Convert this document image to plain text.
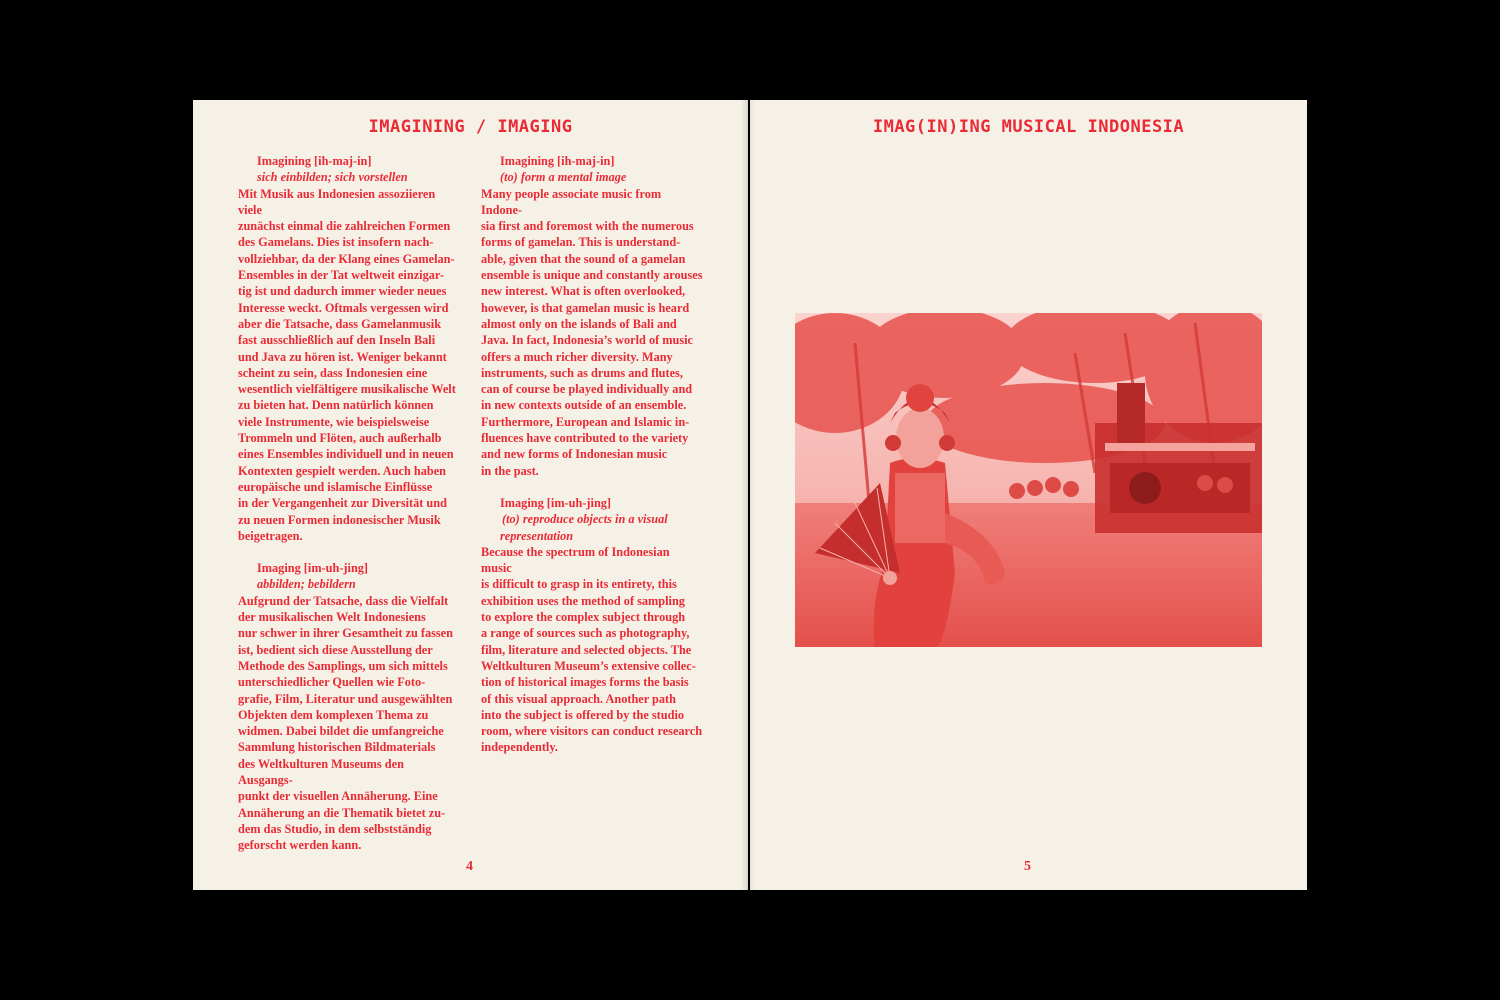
IMAGINING / IMAGING
Imagining [ih-maj-in]
sich einbilden; sich vorstellen
Mit Musik aus Indonesien assoziieren viele
zunächst einmal die zahlreichen Formen
des Gamelans. Dies ist insofern nach-
vollziehbar, da der Klang eines Gamelan-
Ensembles in der Tat weltweit einzigar-
tig ist und dadurch immer wieder neues
Interesse weckt. Oftmals vergessen wird
aber die Tatsache, dass Gamelanmusik
fast ausschließlich auf den Inseln Bali
und Java zu hören ist. Weniger bekannt
scheint zu sein, dass Indonesien eine
wesentlich vielfältigere musikalische Welt
zu bieten hat. Denn natürlich können
viele Instrumente, wie beispielsweise
Trommeln und Flöten, auch außerhalb
eines Ensembles individuell und in neuen
Kontexten gespielt werden. Auch haben
europäische und islamische Einflüsse
in der Vergangenheit zur Diversität und
zu neuen Formen indonesischer Musik
beigetragen.
Imaging [im-uh-jing]
abbilden; bebildern
Aufgrund der Tatsache, dass die Vielfalt
der musikalischen Welt Indonesiens
nur schwer in ihrer Gesamtheit zu fassen
ist, bedient sich diese Ausstellung der
Methode des Samplings, um sich mittels
unterschiedlicher Quellen wie Foto-
grafie, Film, Literatur und ausgewählten
Objekten dem komplexen Thema zu
widmen. Dabei bildet die umfangreiche
Sammlung historischen Bildmaterials
des Weltkulturen Museums den Ausgangs-
punkt der visuellen Annäherung. Eine
Annäherung an die Thematik bietet zu-
dem das Studio, in dem selbstständig
geforscht werden kann.
Imagining [ih-maj-in]
(to) form a mental image
Many people associate music from Indone-
sia first and foremost with the numerous
forms of gamelan. This is understand-
able, given that the sound of a gamelan
ensemble is unique and constantly arouses
new interest. What is often overlooked,
however, is that gamelan music is heard
almost only on the islands of Bali and
Java. In fact, Indonesia’s world of music
offers a much richer diversity. Many
instruments, such as drums and flutes,
can of course be played individually and
in new contexts outside of an ensemble.
Furthermore, European and Islamic in-
fluences have contributed to the variety
and new forms of Indonesian music
in the past.
Imaging [im-uh-jing]
(to) reproduce objects in a visual
representation
Because the spectrum of Indonesian music
is difficult to grasp in its entirety, this
exhibition uses the method of sampling
to explore the complex subject through
a range of sources such as photography,
film, literature and selected objects. The
Weltkulturen Museum’s extensive collec-
tion of historical images forms the basis
of this visual approach. Another path
into the subject is offered by the studio
room, where visitors can conduct research
independently.
4
IMAG(IN)ING MUSICAL INDONESIA
5
